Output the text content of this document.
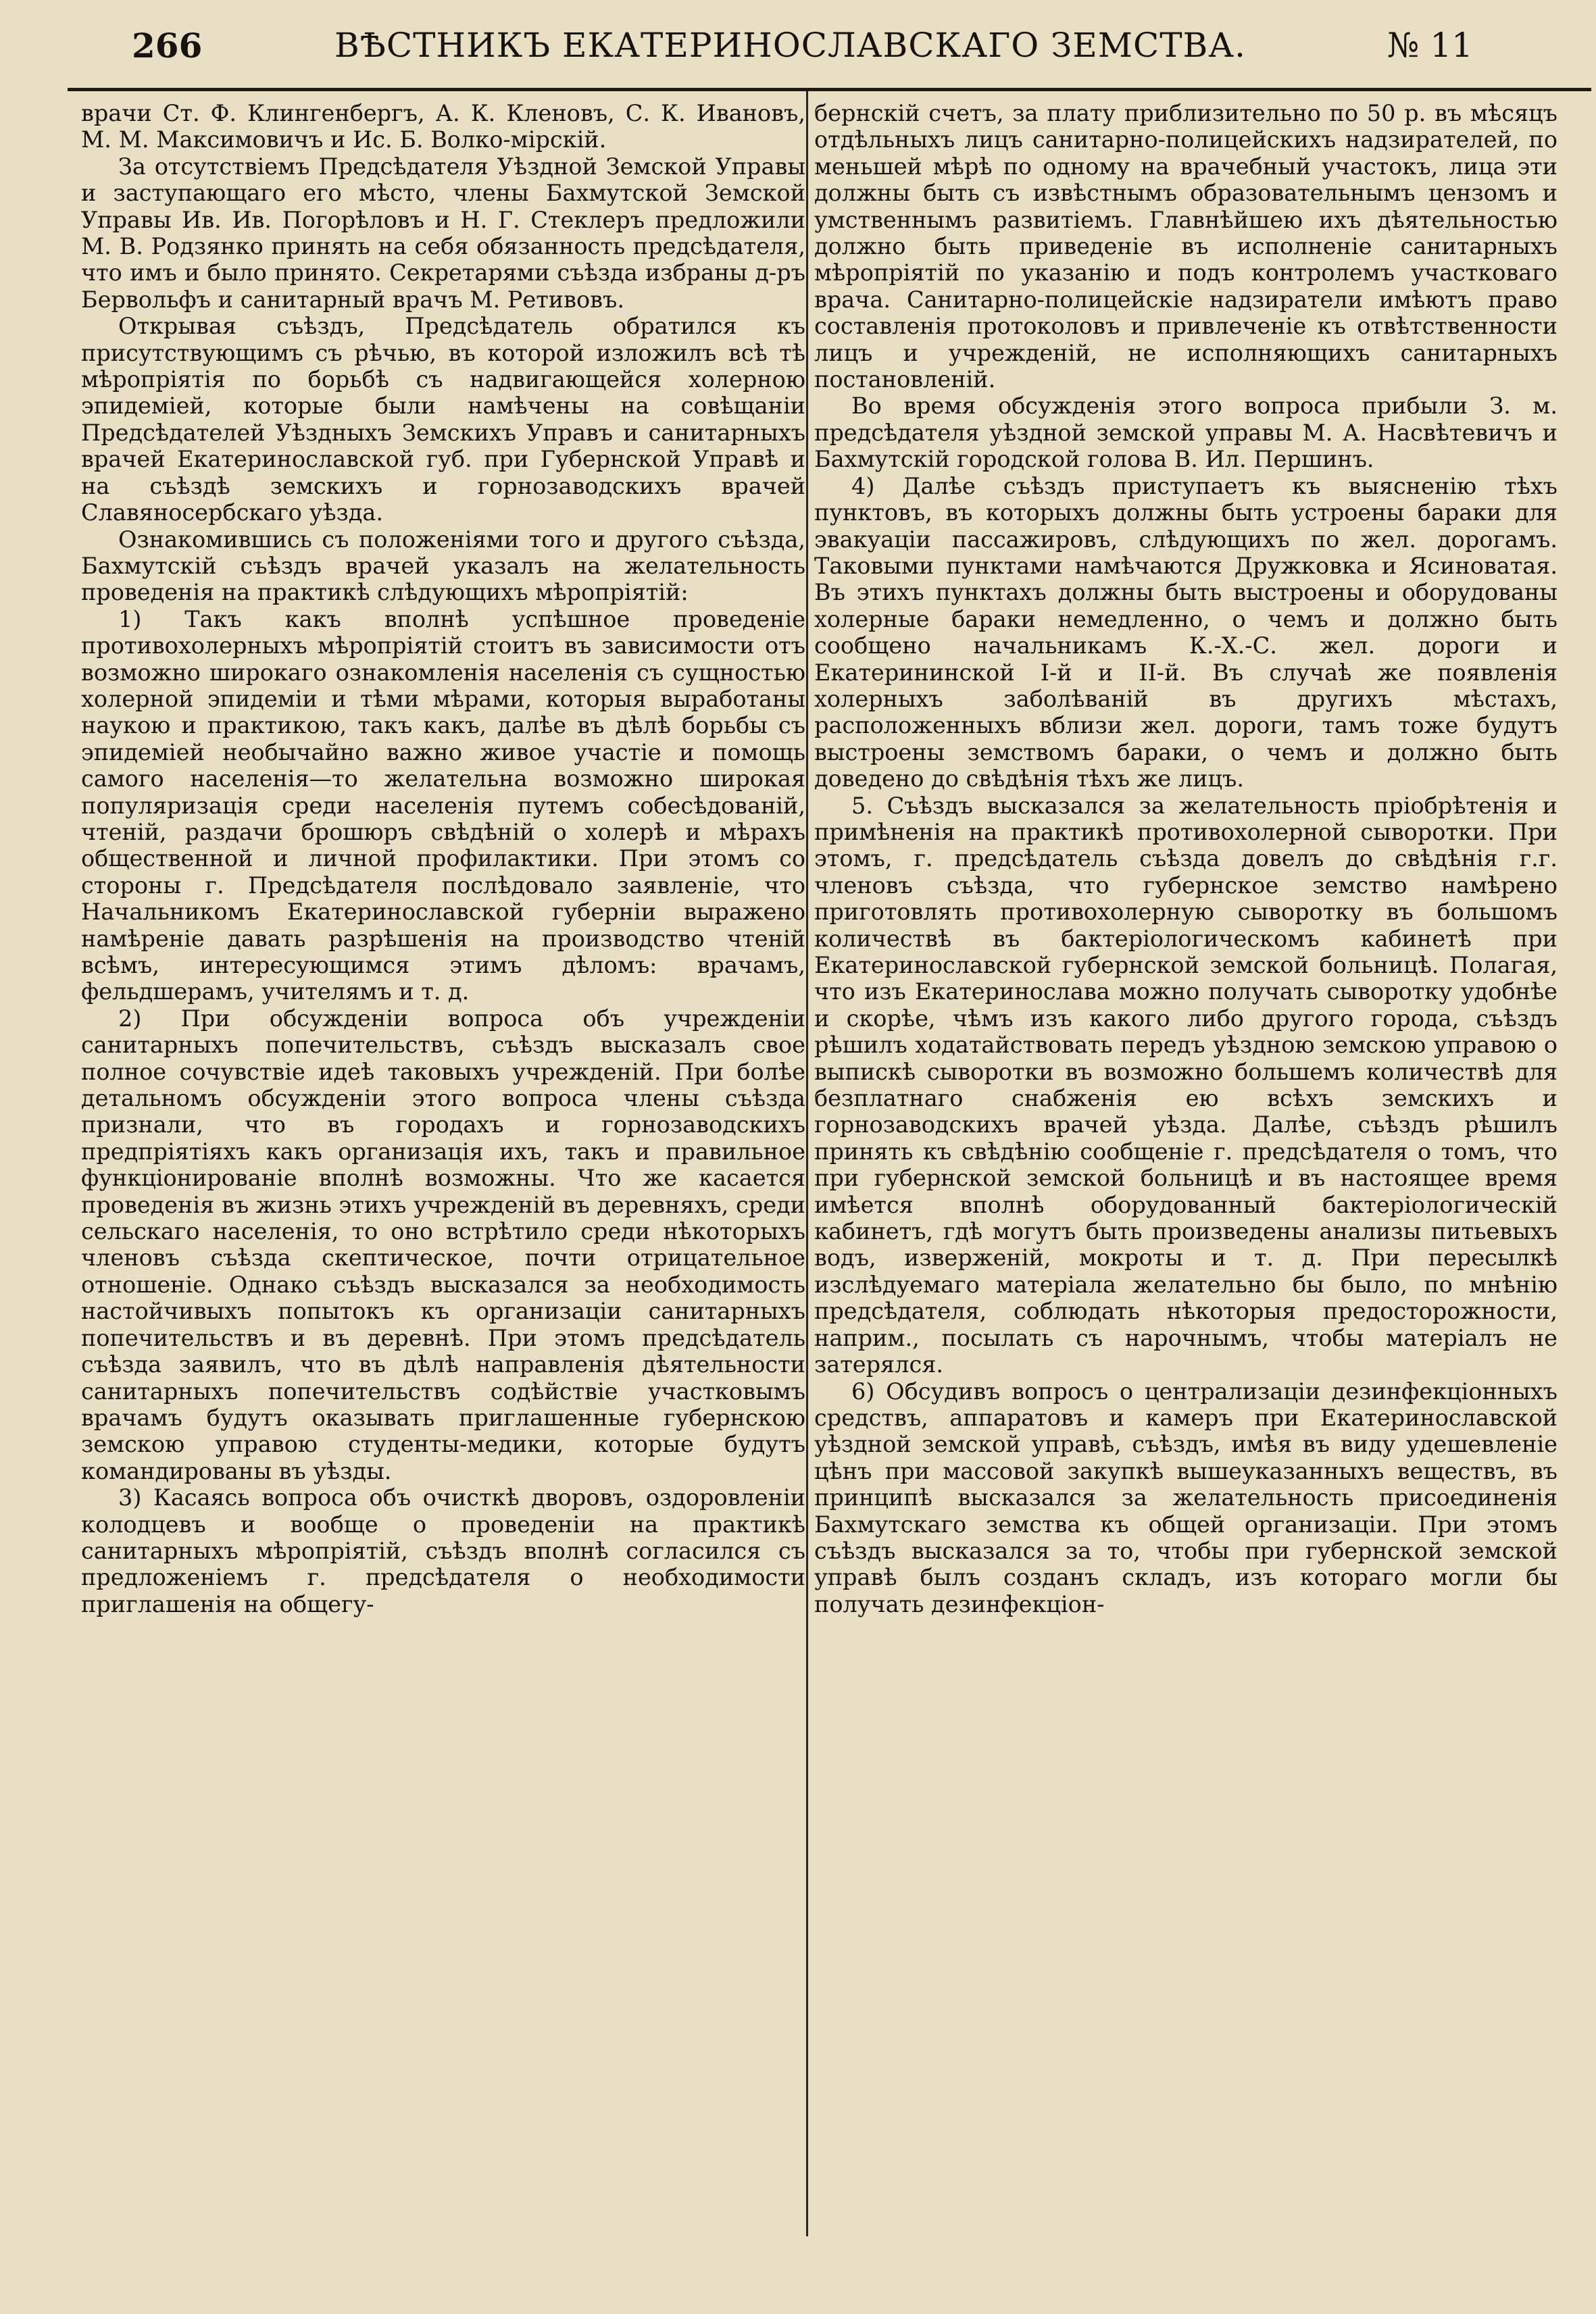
266	ВѢСТНИКЪ ЕКАТЕРИНОСЛАВСКАГО ЗЕМСТВА.	№ 11

врачи Ст. Ф. Клингенбергъ, А. К. Кленовъ, С. К. Ивановъ, М. М. Максимовичъ и Ис. Б. Волко-мірскій.

За отсутствіемъ Предсѣдателя Уѣздной Земской Управы и заступающаго его мѣсто, члены Бахмутской Земской Управы Ив. Ив. Погорѣловъ и Н. Г. Стеклеръ предложили М. В. Родзянко принять на себя обязанность предсѣдателя, что имъ и было принято. Секретарями съѣзда избраны д-ръ Бервольфъ и санитарный врачъ М. Ретивовъ.

Открывая съѣздъ, Предсѣдатель обратился къ присутствующимъ съ рѣчью, въ которой изложилъ всѣ тѣ мѣропріятія по борьбѣ съ надвигающейся холерною эпидеміей, которые были намѣчены на совѣщаніи Предсѣдателей Уѣздныхъ Земскихъ Управъ и санитарныхъ врачей Екатеринославской губ. при Губернской Управѣ и на съѣздѣ земскихъ и горнозаводскихъ врачей Славяносербскаго уѣзда.

Ознакомившись съ положеніями того и другого съѣзда, Бахмутскій съѣздъ врачей указалъ на желательность проведенія на практикѣ слѣдующихъ мѣропріятій:

1) Такъ какъ вполнѣ успѣшное проведеніе противохолерныхъ мѣропріятій стоитъ въ зависимости отъ возможно широкаго ознакомленія населенія съ сущностью холерной эпидеміи и тѣми мѣрами, которыя выработаны наукою и практикою, такъ какъ, далѣе въ дѣлѣ борьбы съ эпидеміей необычайно важно живое участіе и помощь самого населенія—то желательна возможно широкая популяризація среди населенія путемъ собесѣдованій, чтеній, раздачи брошюръ свѣдѣній о холерѣ и мѣрахъ общественной и личной профилактики. При этомъ со стороны г. Предсѣдателя послѣдовало заявленіе, что Начальникомъ Екатеринославской губерніи выражено намѣреніе давать разрѣшенія на производство чтеній всѣмъ, интересующимся этимъ дѣломъ: врачамъ, фельдшерамъ, учителямъ и т. д.

2) При обсужденіи вопроса объ учрежденіи санитарныхъ попечительствъ, съѣздъ высказалъ свое полное сочувствіе идеѣ таковыхъ учрежденій. При болѣе детальномъ обсужденіи этого вопроса члены съѣзда признали, что въ городахъ и горнозаводскихъ предпріятіяхъ какъ организація ихъ, такъ и правильное функціонированіе вполнѣ возможны. Что же касается проведенія въ жизнь этихъ учрежденій въ деревняхъ, среди сельскаго населенія, то оно встрѣтило среди нѣкоторыхъ членовъ съѣзда скептическое, почти отрицательное отношеніе. Однако съѣздъ высказался за необходимость настойчивыхъ попытокъ къ организаціи санитарныхъ попечительствъ и въ деревнѣ. При этомъ предсѣдатель съѣзда заявилъ, что въ дѣлѣ направленія дѣятельности санитарныхъ попечительствъ содѣйствіе участковымъ врачамъ будутъ оказывать приглашенные губернскою земскою управою студенты-медики, которые будутъ командированы въ уѣзды.

3) Касаясь вопроса объ очисткѣ дворовъ, оздоровленіи колодцевъ и вообще о проведеніи на практикѣ санитарныхъ мѣропріятій, съѣздъ вполнѣ согласился съ предложеніемъ г. предсѣдателя о необходимости приглашенія на общегу-

бернскій счетъ, за плату приблизительно по 50 р. въ мѣсяцъ отдѣльныхъ лицъ санитарно-полицейскихъ надзирателей, по меньшей мѣрѣ по одному на врачебный участокъ, лица эти должны быть съ извѣстнымъ образовательнымъ цензомъ и умственнымъ развитіемъ. Главнѣйшею ихъ дѣятельностью должно быть приведеніе въ исполненіе санитарныхъ мѣропріятій по указанію и подъ контролемъ участковаго врача. Санитарно-полицейскіе надзиратели имѣютъ право составленія протоколовъ и привлеченіе къ отвѣтственности лицъ и учрежденій, не исполняющихъ санитарныхъ постановленій.

Во время обсужденія этого вопроса прибыли З. м. предсѣдателя уѣздной земской управы М. А. Насвѣтевичъ и Бахмутскій городской голова В. Ил. Першинъ.

4) Далѣе съѣздъ приступаетъ къ выясненію тѣхъ пунктовъ, въ которыхъ должны быть устроены бараки для эвакуаціи пассажировъ, слѣдующихъ по жел. дорогамъ. Таковыми пунктами намѣчаются Дружковка и Ясиноватая. Въ этихъ пунктахъ должны быть выстроены и оборудованы холерные бараки немедленно, о чемъ и должно быть сообщено начальникамъ К.-Х.-С. жел. дороги и Екатерининской І-й и ІІ-й. Въ случаѣ же появленія холерныхъ заболѣваній въ другихъ мѣстахъ, расположенныхъ вблизи жел. дороги, тамъ тоже будутъ выстроены земствомъ бараки, о чемъ и должно быть доведено до свѣдѣнія тѣхъ же лицъ.

5. Съѣздъ высказался за желательность пріобрѣтенія и примѣненія на практикѣ противохолерной сыворотки. При этомъ, г. предсѣдатель съѣзда довелъ до свѣдѣнія г.г. членовъ съѣзда, что губернское земство намѣрено приготовлять противохолерную сыворотку въ большомъ количествѣ въ бактеріологическомъ кабинетѣ при Екатеринославской губернской земской больницѣ. Полагая, что изъ Екатеринослава можно получать сыворотку удобнѣе и скорѣе, чѣмъ изъ какого либо другого города, съѣздъ рѣшилъ ходатайствовать передъ уѣздною земскою управою о выпискѣ сыворотки въ возможно большемъ количествѣ для безплатнаго снабженія ею всѣхъ земскихъ и горнозаводскихъ врачей уѣзда. Далѣе, съѣздъ рѣшилъ принять къ свѣдѣнію сообщеніе г. предсѣдателя о томъ, что при губернской земской больницѣ и въ настоящее время имѣется вполнѣ оборудованный бактеріологическій кабинетъ, гдѣ могутъ быть произведены анализы питьевыхъ водъ, изверженій, мокроты и т. д. При пересылкѣ изслѣдуемаго матеріала желательно бы было, по мнѣнію предсѣдателя, соблюдать нѣкоторыя предосторожности, наприм., посылать съ нарочнымъ, чтобы матеріалъ не затерялся.

6) Обсудивъ вопросъ о централизаціи дезинфекціонныхъ средствъ, аппаратовъ и камеръ при Екатеринославской уѣздной земской управѣ, съѣздъ, имѣя въ виду удешевленіе цѣнъ при массовой закупкѣ вышеуказанныхъ веществъ, въ принципѣ высказался за желательность присоединенія Бахмутскаго земства къ общей организаціи. При этомъ съѣздъ высказался за то, чтобы при губернской земской управѣ былъ созданъ складъ, изъ котораго могли бы получать дезинфекціон-
